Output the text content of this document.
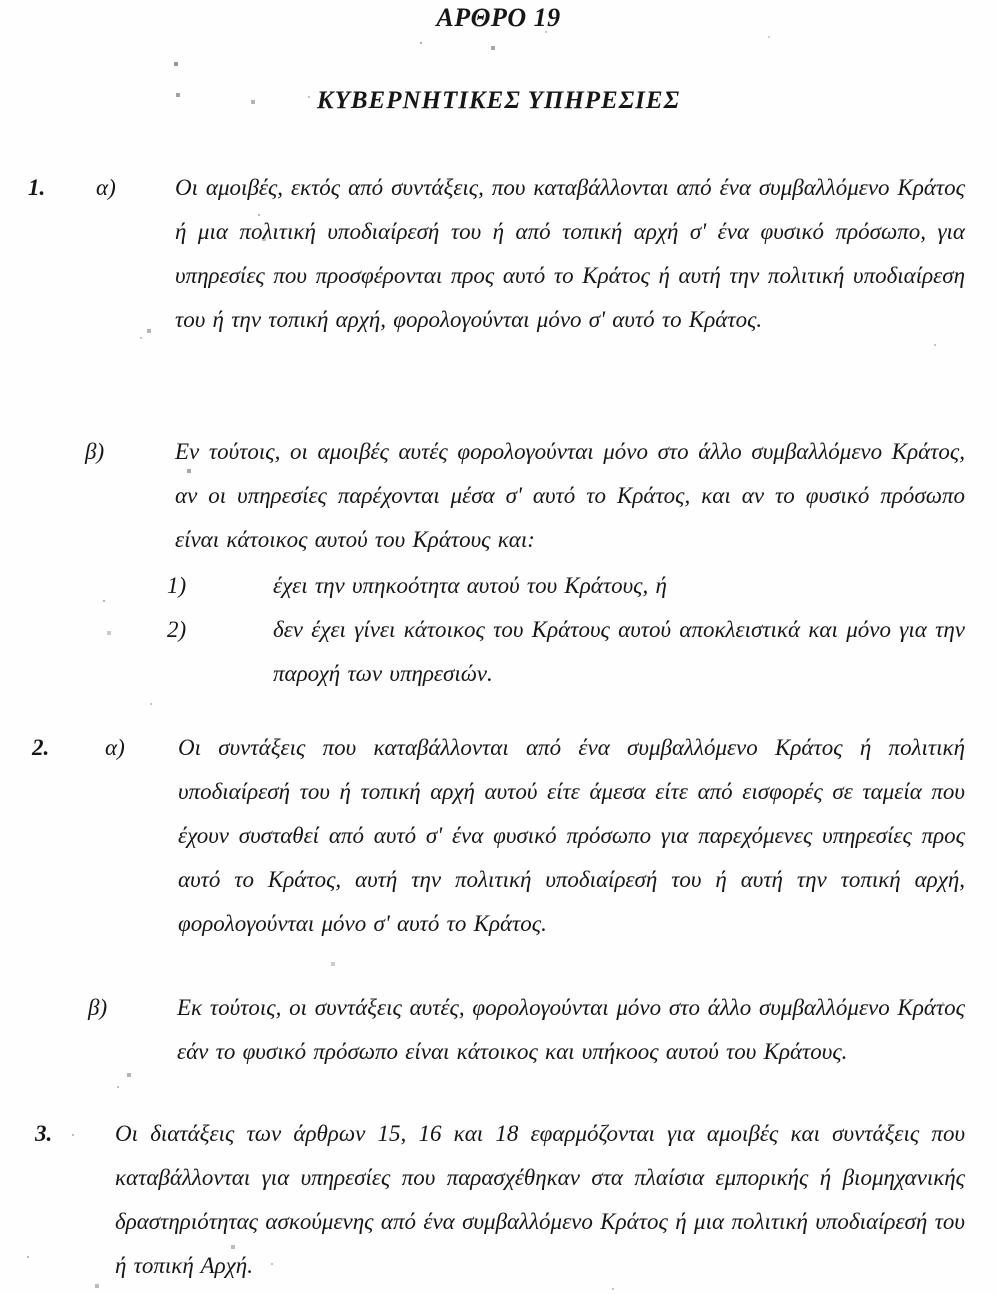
ΑΡΘΡΟ 19
ΚΥΒΕΡΝΗΤΙΚΕΣ ΥΠΗΡΕΣΙΕΣ
1. α)	Οι αμοιβές, εκτός από συντάξεις, που καταβάλλονται από ένα συμβαλλόμενο Κράτος ή μια πολιτική υποδιαίρεσή του ή από τοπική αρχή σ' ένα φυσικό πρόσωπο, για υπηρεσίες που προσφέρονται προς αυτό το Κράτος ή αυτή την πολιτική υποδιαίρεση του ή την τοπική αρχή, φορολογούνται μόνο σ' αυτό το Κράτος.
β)	Εν τούτοις, οι αμοιβές αυτές φορολογούνται μόνο στο άλλο συμβαλλόμενο Κράτος, αν οι υπηρεσίες παρέχονται μέσα σ' αυτό το Κράτος, και αν το φυσικό πρόσωπο είναι κάτοικος αυτού του Κράτους και:
1)	έχει την υπηκοότητα αυτού του Κράτους, ή
2)	δεν έχει γίνει κάτοικος του Κράτους αυτού αποκλειστικά και μόνο για την παροχή των υπηρεσιών.
2. α) Οι συντάξεις που καταβάλλονται από ένα συμβαλλόμενο Κράτος ή πολιτική υποδιαίρεσή του ή τοπική αρχή αυτού είτε άμεσα είτε από εισφορές σε ταμεία που έχουν συσταθεί από αυτό σ' ένα φυσικό πρόσωπο για παρεχόμενες υπηρεσίες προς αυτό το Κράτος, αυτή την πολιτική υποδιαίρεσή του ή αυτή την τοπική αρχή, φορολογούνται μόνο σ' αυτό το Κράτος.
β)	Εκ τούτοις, οι συντάξεις αυτές, φορολογούνται μόνο στο άλλο συμβαλλόμενο Κράτος εάν το φυσικό πρόσωπο είναι κάτοικος και υπήκοος αυτού του Κράτους.
3.	Οι διατάξεις των άρθρων 15, 16 και 18 εφαρμόζονται για αμοιβές και συντάξεις που καταβάλλονται για υπηρεσίες που παρασχέθηκαν στα πλαίσια εμπορικής ή βιομηχανικής δραστηριότητας ασκούμενης από ένα συμβαλλόμενο Κράτος ή μια πολιτική υποδιαίρεσή του ή τοπική Αρχή.
